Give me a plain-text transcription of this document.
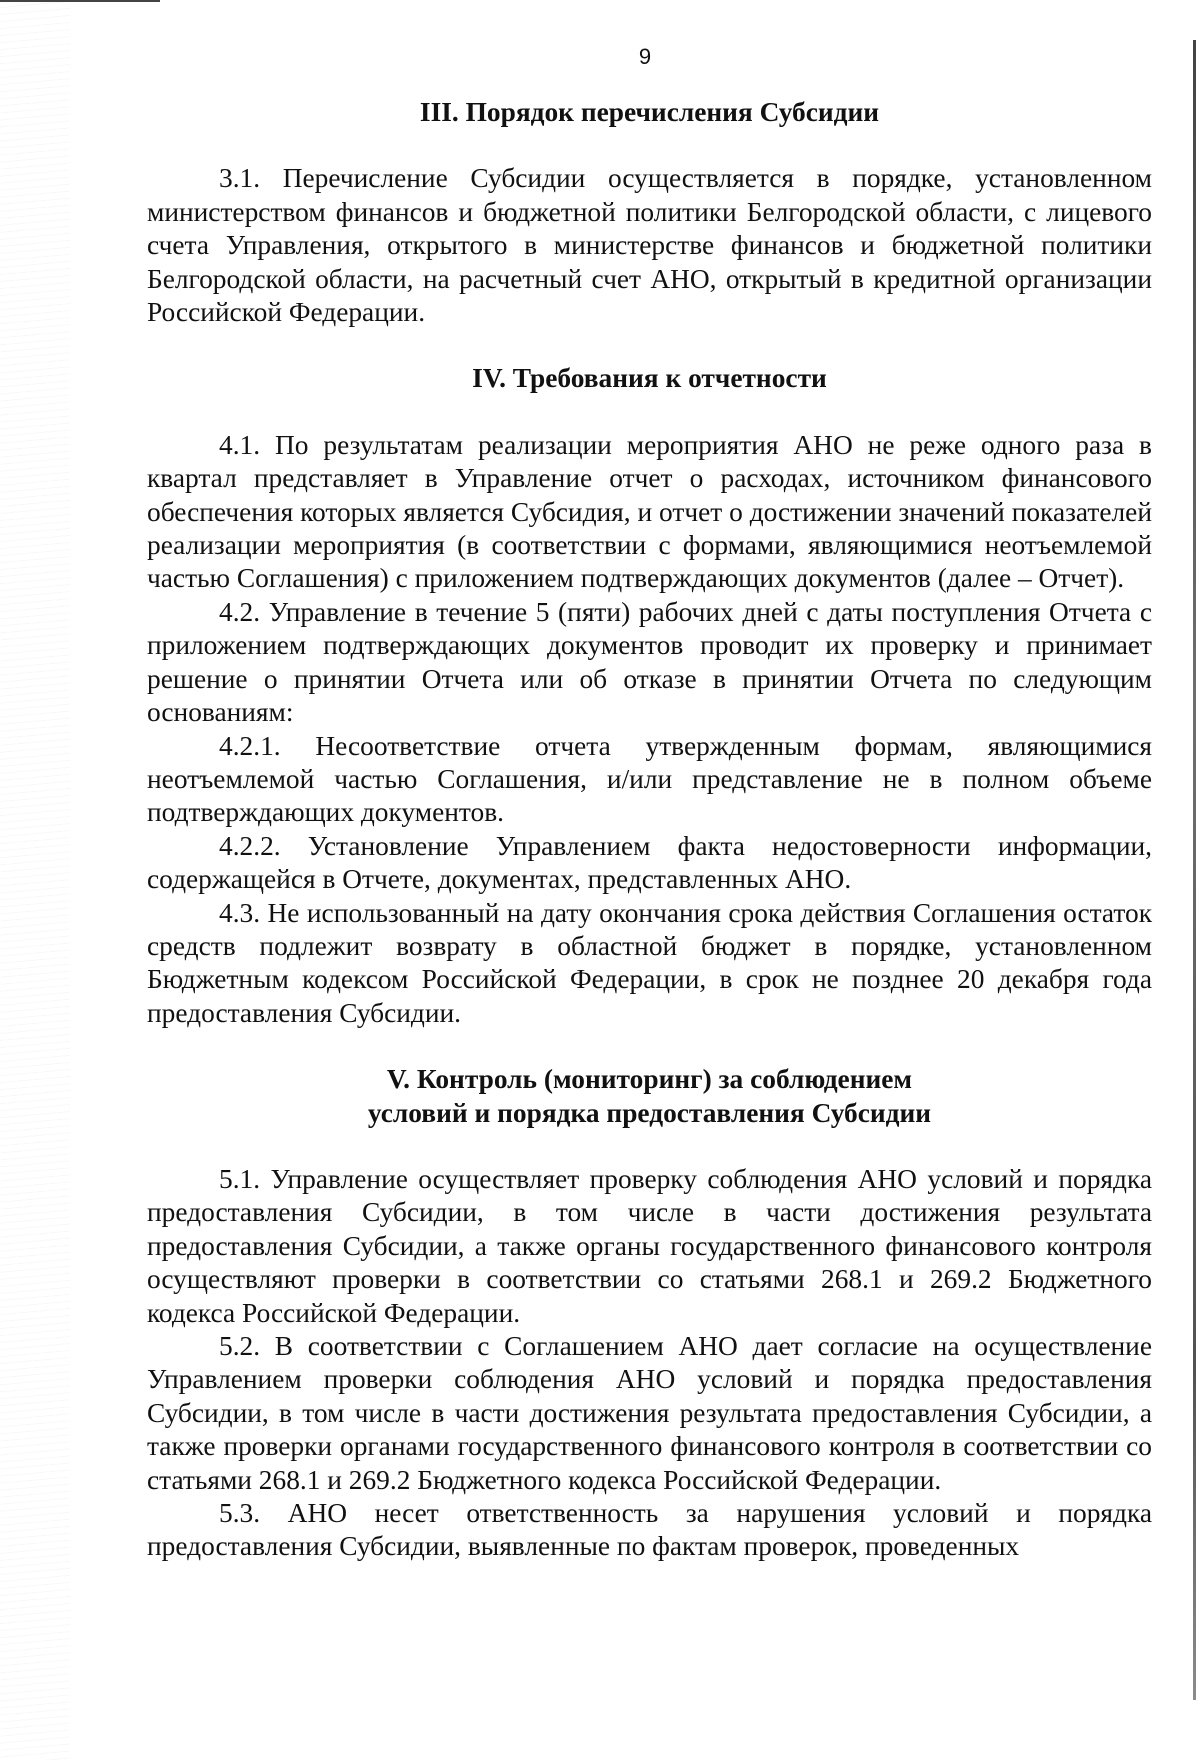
9
III. Порядок перечисления Субсидии

3.1. Перечисление Субсидии осуществляется в порядке, установленном министерством финансов и бюджетной политики Белгородской области, с лицевого счета Управления, открытого в министерстве финансов и бюджетной политики Белгородской области, на расчетный счет АНО, открытый в кредитной организации Российской Федерации.

IV. Требования к отчетности

4.1. По результатам реализации мероприятия АНО не реже одного раза в квартал представляет в Управление отчет о расходах, источником финансового обеспечения которых является Субсидия, и отчет о достижении значений показателей реализации мероприятия (в соответствии с формами, являющимися неотъемлемой частью Соглашения) с приложением подтверждающих документов (далее – Отчет).

4.2. Управление в течение 5 (пяти) рабочих дней с даты поступления Отчета с приложением подтверждающих документов проводит их проверку и принимает решение о принятии Отчета или об отказе в принятии Отчета по следующим основаниям:

4.2.1. Несоответствие отчета утвержденным формам, являющимися неотъемлемой частью Соглашения, и/или представление не в полном объеме подтверждающих документов.

4.2.2. Установление Управлением факта недостоверности информации, содержащейся в Отчете, документах, представленных АНО.

4.3. Не использованный на дату окончания срока действия Соглашения остаток средств подлежит возврату в областной бюджет в порядке, установленном Бюджетным кодексом Российской Федерации, в срок не позднее 20 декабря года предоставления Субсидии.

V. Контроль (мониторинг) за соблюдением
условий и порядка предоставления Субсидии

5.1. Управление осуществляет проверку соблюдения АНО условий и порядка предоставления Субсидии, в том числе в части достижения результата предоставления Субсидии, а также органы государственного финансового контроля осуществляют проверки в соответствии со статьями 268.1 и 269.2 Бюджетного кодекса Российской Федерации.

5.2. В соответствии с Соглашением АНО дает согласие на осуществление Управлением проверки соблюдения АНО условий и порядка предоставления Субсидии, в том числе в части достижения результата предоставления Субсидии, а также проверки органами государственного финансового контроля в соответствии со статьями 268.1 и 269.2 Бюджетного кодекса Российской Федерации.

5.3. АНО несет ответственность за нарушения условий и порядка предоставления Субсидии, выявленные по фактам проверок, проведенных
